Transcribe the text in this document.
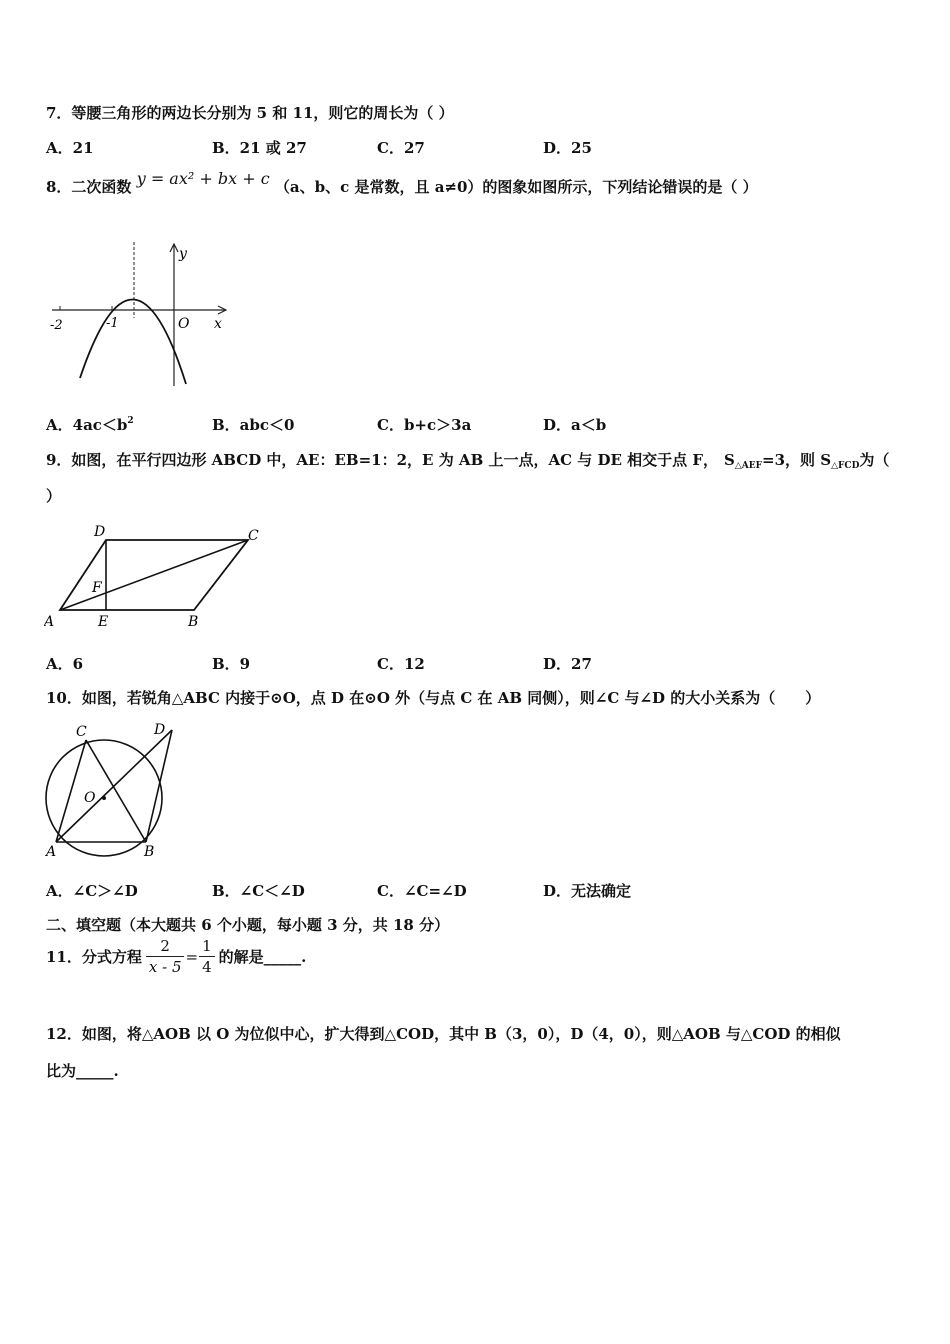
7．等腰三角形的两边长分别为 5 和 11，则它的周长为（ ）
A．21	B．21 或 27	C．27	D．25
8．二次函数 y = ax² + bx + c （a、b、c 是常数，且 a≠0）的图象如图所示，下列结论错误的是（ ）
-2	-1	O x
y
A．$4ac<b^2$	B．abc＜0	C．b+c＞3a	D．a＜b
9．如图，在平行四边形 ABCD 中，AE：EB=1：2，E 为 AB 上一点，AC 与 DE 相交于点 F， $S_{\triangle AEF}=3$，则 $S_{\triangle FCD}$为（
）
A	B
C
D
E
F
A．6	B．9	C．12	D．27
10．如图，若锐角△ABC 内接于⊙O，点 D 在⊙O 外（与点 C 在 AB 同侧），则∠C 与∠D 的大小关系为（　　）
O
C	D
A	B
A．∠C＞∠D	B．∠C＜∠D	C．∠C=∠D	D．无法确定
二、填空题（本大题共 6 个小题，每小题 3 分，共 18 分）
11．分式方程 $\frac{2}{x - 5} = \frac{1}{4}$ 的解是_____.
12．如图，将△AOB 以 O 为位似中心，扩大得到△COD，其中 B（3，0），D（4，0），则△AOB 与△COD 的相似
比为_____.
